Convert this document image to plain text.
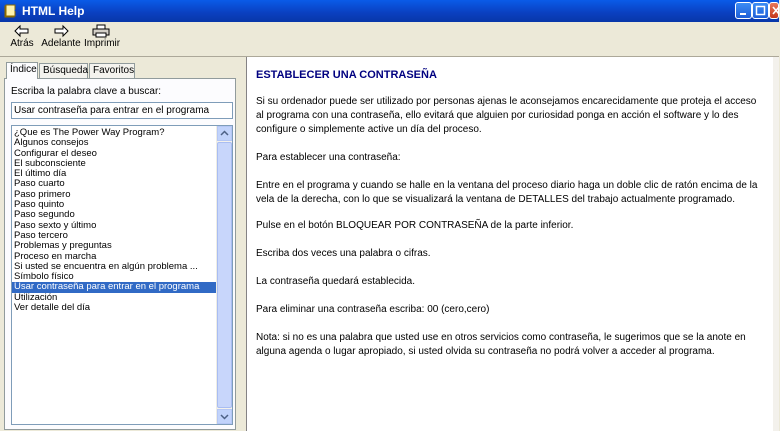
? HTML Help
Atrás Adelante Imprimir
Índice Búsqueda Favoritos
Escriba la palabra clave a buscar:
Usar contraseña para entrar en el programa
¿Que es The Power Way Program?
Algunos consejos
Configurar el deseo
El subconsciente
El último día
Paso cuarto
Paso primero
Paso quinto
Paso segundo
Paso sexto y último
Paso tercero
Problemas y preguntas
Proceso en marcha
Si usted se encuentra en algún problema ...
Símbolo físico
Usar contraseña para entrar en el programa
Utilización
Ver detalle del día
ESTABLECER UNA CONTRASEÑA

Si su ordenador puede ser utilizado por personas ajenas le aconsejamos encarecidamente que proteja el acceso al programa con una contraseña, ello evitará que alguien por curiosidad ponga en acción el software y lo des configure o simplemente active un día del proceso.

Para establecer una contraseña:

Entre en el programa y cuando se halle en la ventana del proceso diario haga un doble clic de ratón encima de la vela de la derecha, con lo que se visualizará la ventana de DETALLES del trabajo actualmente programado.

Pulse en el botón BLOQUEAR POR CONTRASEÑA de la parte inferior.

Escriba dos veces una palabra o cifras.

La contraseña quedará establecida.

Para eliminar una contraseña escriba: 00 (cero,cero)

Nota: si no es una palabra que usted use en otros servicios como contraseña, le sugerimos que se la anote en alguna agenda o lugar apropiado, si usted olvida su contraseña no podrá volver a acceder al programa.
